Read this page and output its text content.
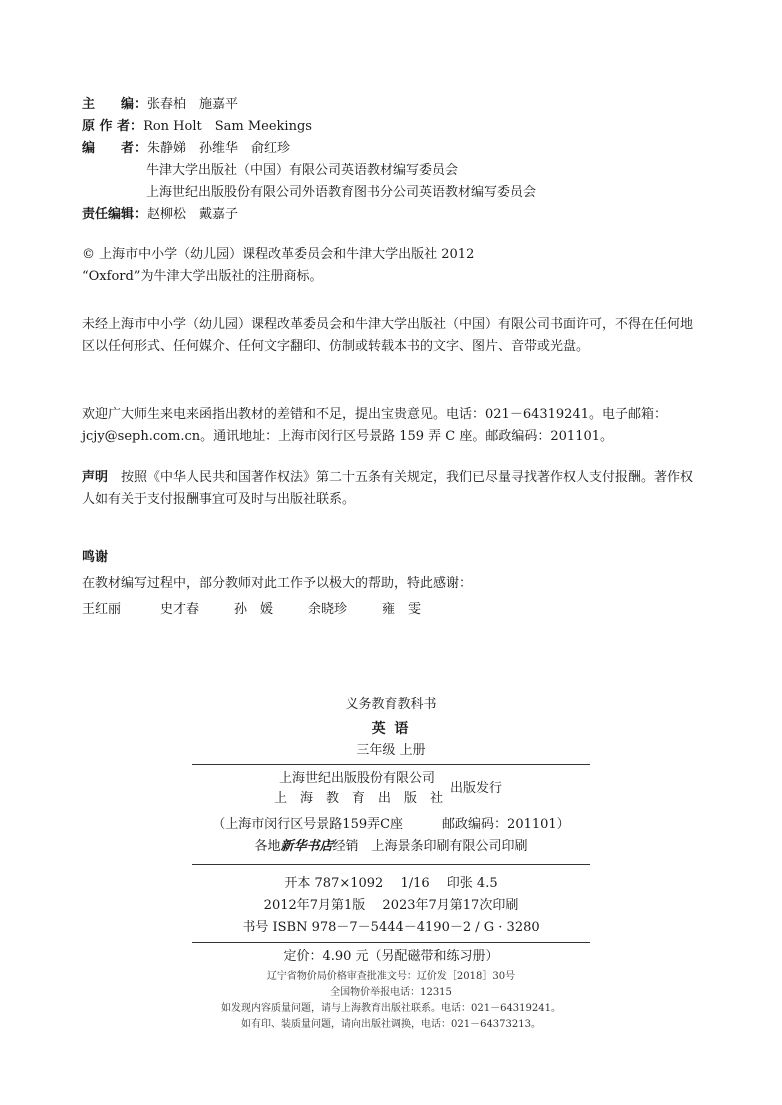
主　　编：张春柏　施嘉平
原 作 者：Ron Holt　Sam Meekings
编　　者：朱静娣　孙维华　俞红珍
牛津大学出版社（中国）有限公司英语教材编写委员会
上海世纪出版股份有限公司外语教育图书分公司英语教材编写委员会
责任编辑：赵柳松　戴嘉子
© 上海市中小学（幼儿园）课程改革委员会和牛津大学出版社 2012
“Oxford”为牛津大学出版社的注册商标。
未经上海市中小学（幼儿园）课程改革委员会和牛津大学出版社（中国）有限公司书面许可，不得在任何地区以任何形式、任何媒介、任何文字翻印、仿制或转载本书的文字、图片、音带或光盘。
欢迎广大师生来电来函指出教材的差错和不足，提出宝贵意见。电话：021－64319241。电子邮箱：jcjy@seph.com.cn。通讯地址：上海市闵行区号景路 159 弄 C 座。邮政编码：201101。
声明　 按照《中华人民共和国著作权法》第二十五条有关规定，我们已尽量寻找著作权人支付报酬。著作权人如有关于支付报酬事宜可及时与出版社联系。
鸣谢
在教材编写过程中，部分教师对此工作予以极大的帮助，特此感谢：
王红丽	史才春	孙　媛	余晓珍	雍　雯
义务教育教科书
英 语
三年级 上册
上海世纪出版股份有限公司
上　海　教　育　出　版　社
出版发行
（上海市闵行区号景路159弄C座　　　邮政编码：201101）
各地新华书店经销　上海景条印刷有限公司印刷
开本 787×1092　 1/16　 印张 4.5
2012年7月第1版　 2023年7月第17次印刷
书号 ISBN 978－7－5444－4190－2 / G · 3280
定价：4.90 元（另配磁带和练习册）
辽宁省物价局价格审查批准文号：辽价发［2018］30号
全国物价举报电话：12315
如发现内容质量问题，请与上海教育出版社联系。电话：021－64319241。
如有印、装质量问题，请向出版社调换，电话：021－64373213。
